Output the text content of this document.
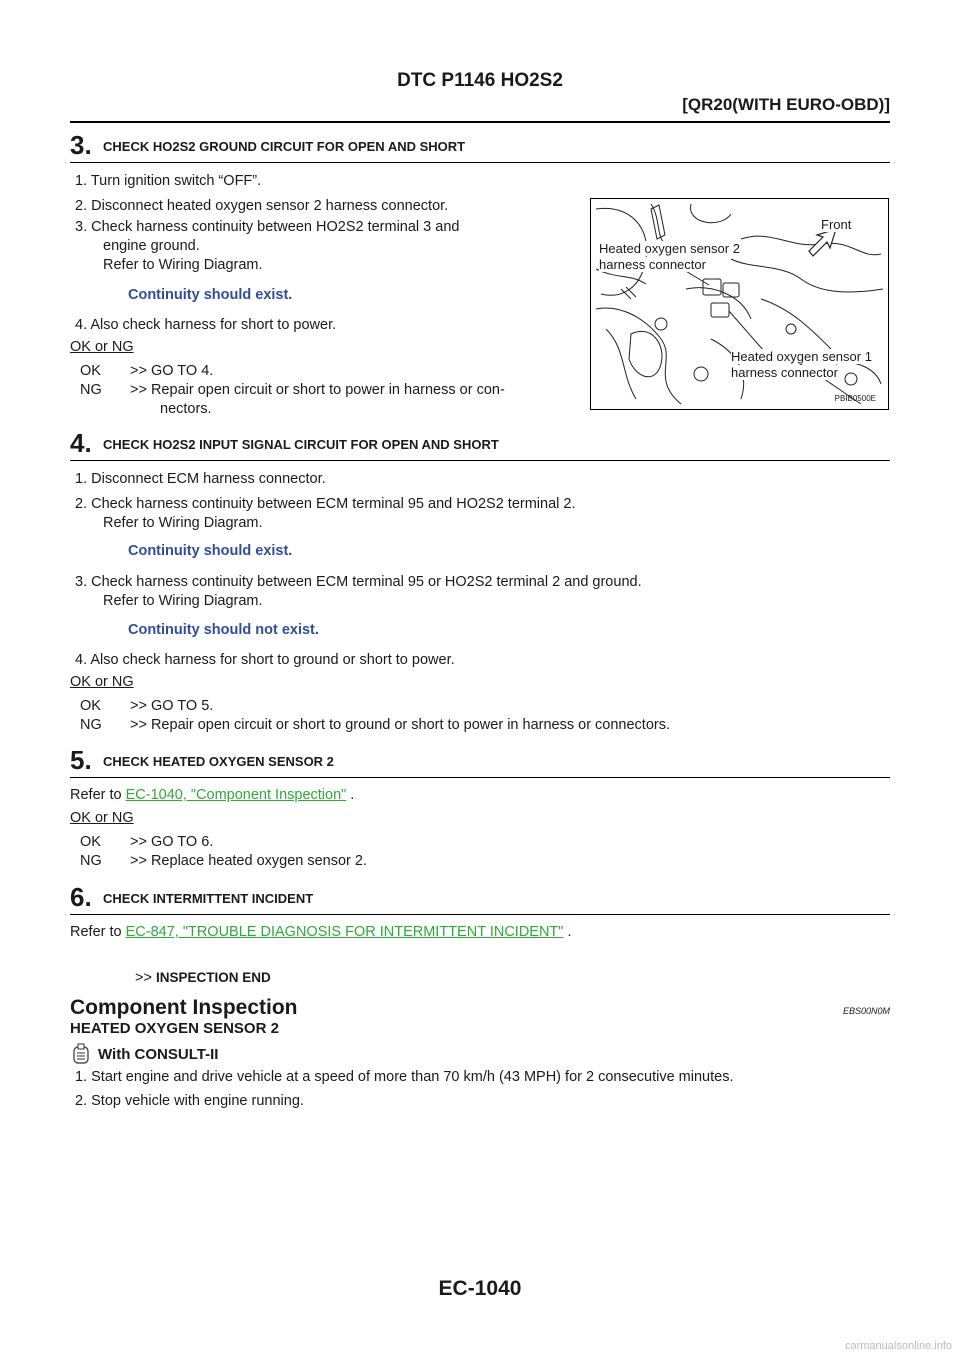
DTC P1146 HO2S2
[QR20(WITH EURO-OBD)]
3 .	CHECK HO2S2 GROUND CIRCUIT FOR OPEN AND SHORT
1. Turn ignition switch “OFF”.
2. Disconnect heated oxygen sensor 2 harness connector.
3. Check harness continuity between HO2S2 terminal 3 and
engine ground.
Refer to Wiring Diagram.
Continuity should exist.
4. Also check harness for short to power.
OK or NG
OK >> GO TO 4.
NG >> Repair open circuit or short to power in harness or con-
nectors.
Heated oxygen sensor 2
harness connector
Front
Heated oxygen sensor 1
harness connector
PBIB0500E
4 .	CHECK HO2S2 INPUT SIGNAL CIRCUIT FOR OPEN AND SHORT
1. Disconnect ECM harness connector.
2. Check harness continuity between ECM terminal 95 and HO2S2 terminal 2.
Refer to Wiring Diagram.
Continuity should exist.
3. Check harness continuity between ECM terminal 95 or HO2S2 terminal 2 and ground.
Refer to Wiring Diagram.
Continuity should not exist.
4. Also check harness for short to ground or short to power.
OK or NG
OK >> GO TO 5.
NG >> Repair open circuit or short to ground or short to power in harness or connectors.
5 .	CHECK HEATED OXYGEN SENSOR 2
Refer to EC-1040, "Component Inspection" .
OK or NG
OK >> GO TO 6.
NG >> Replace heated oxygen sensor 2.
6 .	CHECK INTERMITTENT INCIDENT
Refer to EC-847, "TROUBLE DIAGNOSIS FOR INTERMITTENT INCIDENT" .
>> INSPECTION END
Component Inspection	EBS00N0M
HEATED OXYGEN SENSOR 2
With CONSULT-II
1. Start engine and drive vehicle at a speed of more than 70 km/h (43 MPH) for 2 consecutive minutes.
2. Stop vehicle with engine running.
EC-1040
carmanualsonline.info
